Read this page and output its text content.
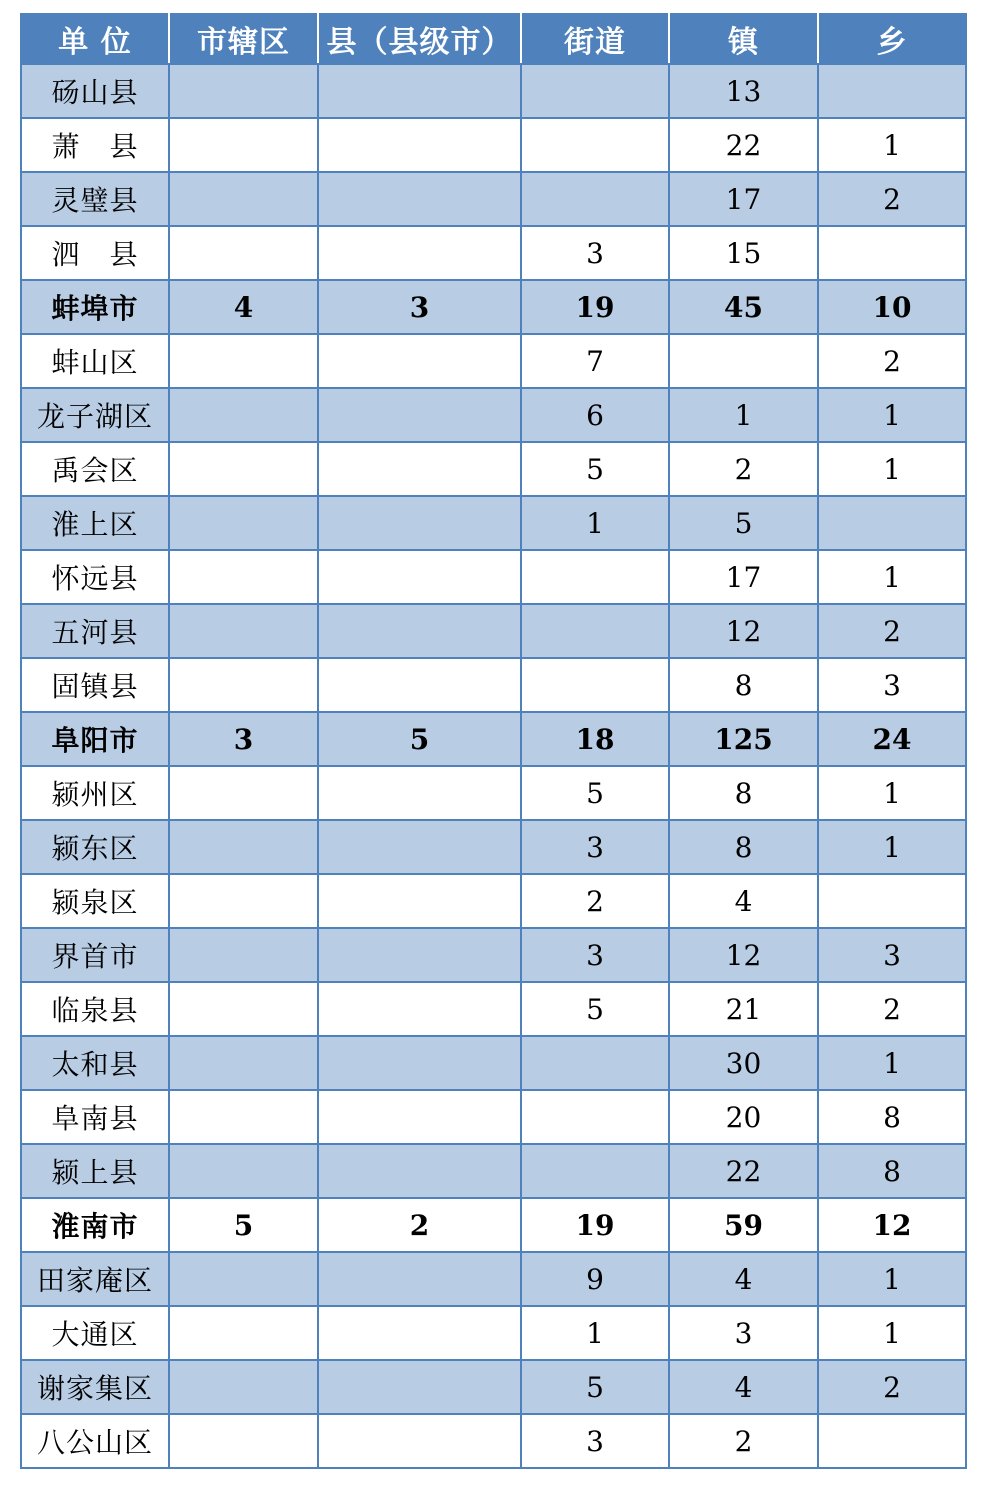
单 位	市辖区	县（县级市）	街道	镇	乡
砀山县				13	
萧　县				22	1
灵璧县				17	2
泗　县			3	15	
蚌埠市	4	3	19	45	10
蚌山区			7		2
龙子湖区			6	1	1
禹会区			5	2	1
淮上区			1	5	
怀远县				17	1
五河县				12	2
固镇县				8	3
阜阳市	3	5	18	125	24
颍州区			5	8	1
颍东区			3	8	1
颍泉区			2	4	
界首市			3	12	3
临泉县			5	21	2
太和县				30	1
阜南县				20	8
颍上县				22	8
淮南市	5	2	19	59	12
田家庵区			9	4	1
大通区			1	3	1
谢家集区			5	4	2
八公山区			3	2	
